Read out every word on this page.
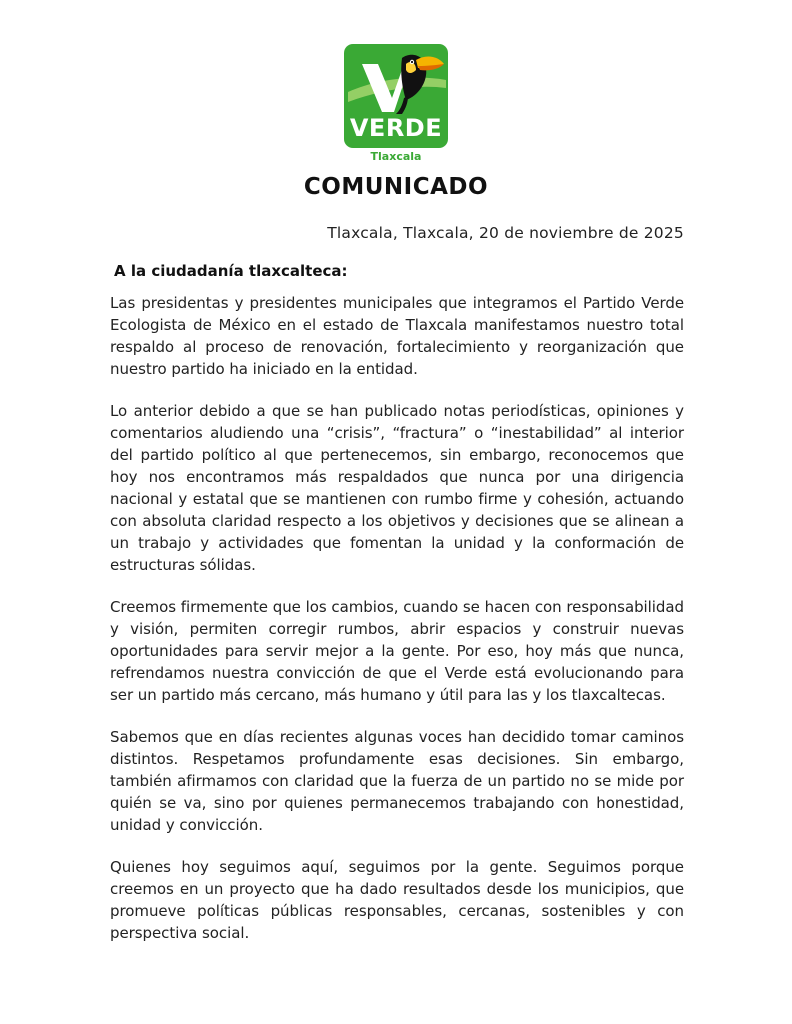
VERDE
Tlaxcala
COMUNICADO
Tlaxcala, Tlaxcala, 20 de noviembre de 2025
A la ciudadanía tlaxcalteca:

Las presidentas y presidentes municipales que integramos el Partido Verde Ecologista de México en el estado de Tlaxcala manifestamos nuestro total respaldo al proceso de renovación, fortalecimiento y reorganización que nuestro partido ha iniciado en la entidad.

Lo anterior debido a que se han publicado notas periodísticas, opiniones y comentarios aludiendo una “crisis”, “fractura” o “inestabilidad” al interior del partido político al que pertenecemos, sin embargo, reconocemos que hoy nos encontramos más respaldados que nunca por una dirigencia nacional y estatal que se mantienen con rumbo firme y cohesión, actuando con absoluta claridad respecto a los objetivos y decisiones que se alinean a un trabajo y actividades que fomentan la unidad y la conformación de estructuras sólidas.

Creemos firmemente que los cambios, cuando se hacen con responsabilidad y visión, permiten corregir rumbos, abrir espacios y construir nuevas oportunidades para servir mejor a la gente. Por eso, hoy más que nunca, refrendamos nuestra convicción de que el Verde está evolucionando para ser un partido más cercano, más humano y útil para las y los tlaxcaltecas.

Sabemos que en días recientes algunas voces han decidido tomar caminos distintos. Respetamos profundamente esas decisiones. Sin embargo, también afirmamos con claridad que la fuerza de un partido no se mide por quién se va, sino por quienes permanecemos trabajando con honestidad, unidad y convicción.

Quienes hoy seguimos aquí, seguimos por la gente. Seguimos porque creemos en un proyecto que ha dado resultados desde los municipios, que promueve políticas públicas responsables, cercanas, sostenibles y con perspectiva social.
